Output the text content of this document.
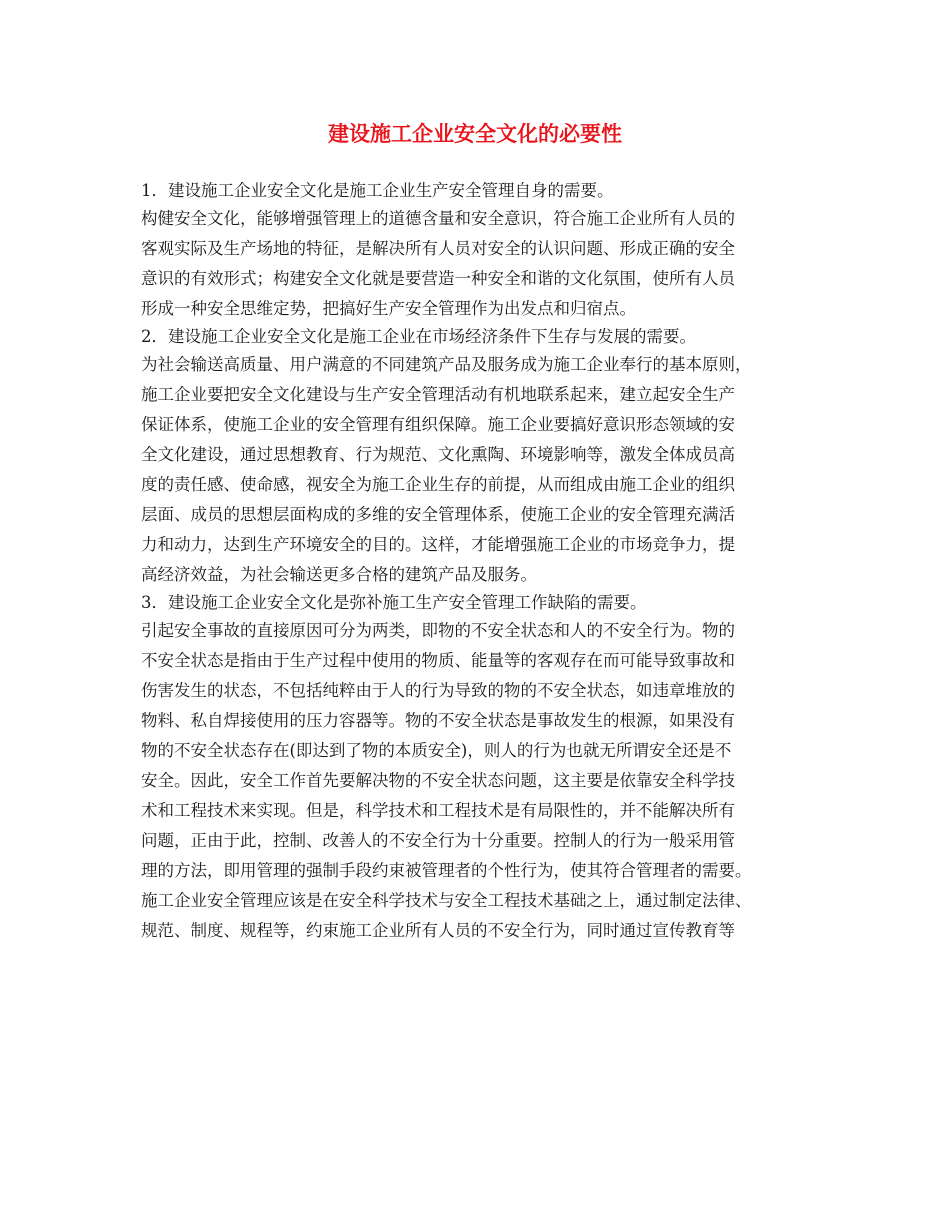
建设施工企业安全文化的必要性
1．建设施工企业安全文化是施工企业生产安全管理自身的需要。
构健安全文化，能够增强管理上的道德含量和安全意识，符合施工企业所有人员的
客观实际及生产场地的特征，是解决所有人员对安全的认识问题、形成正确的安全
意识的有效形式；构建安全文化就是要营造一种安全和谐的文化氛围，使所有人员
形成一种安全思维定势，把搞好生产安全管理作为出发点和归宿点。
2．建设施工企业安全文化是施工企业在市场经济条件下生存与发展的需要。
为社会输送高质量、用户满意的不同建筑产品及服务成为施工企业奉行的基本原则，
施工企业要把安全文化建设与生产安全管理活动有机地联系起来，建立起安全生产
保证体系，使施工企业的安全管理有组织保障。施工企业要搞好意识形态领域的安
全文化建设，通过思想教育、行为规范、文化熏陶、环境影响等，激发全体成员高
度的责任感、使命感，视安全为施工企业生存的前提，从而组成由施工企业的组织
层面、成员的思想层面构成的多维的安全管理体系，使施工企业的安全管理充满活
力和动力，达到生产环境安全的目的。这样，才能增强施工企业的市场竞争力，提
高经济效益，为社会输送更多合格的建筑产品及服务。
3．建设施工企业安全文化是弥补施工生产安全管理工作缺陷的需要。
引起安全事故的直接原因可分为两类，即物的不安全状态和人的不安全行为。物的
不安全状态是指由于生产过程中使用的物质、能量等的客观存在而可能导致事故和
伤害发生的状态，不包括纯粹由于人的行为导致的物的不安全状态，如违章堆放的
物料、私自焊接使用的压力容器等。物的不安全状态是事故发生的根源，如果没有
物的不安全状态存在(即达到了物的本质安全)，则人的行为也就无所谓安全还是不
安全。因此，安全工作首先要解决物的不安全状态问题，这主要是依靠安全科学技
术和工程技术来实现。但是，科学技术和工程技术是有局限性的，并不能解决所有
问题，正由于此，控制、改善人的不安全行为十分重要。控制人的行为一般采用管
理的方法，即用管理的强制手段约束被管理者的个性行为，使其符合管理者的需要。
施工企业安全管理应该是在安全科学技术与安全工程技术基础之上，通过制定法律、
规范、制度、规程等，约束施工企业所有人员的不安全行为，同时通过宣传教育等
